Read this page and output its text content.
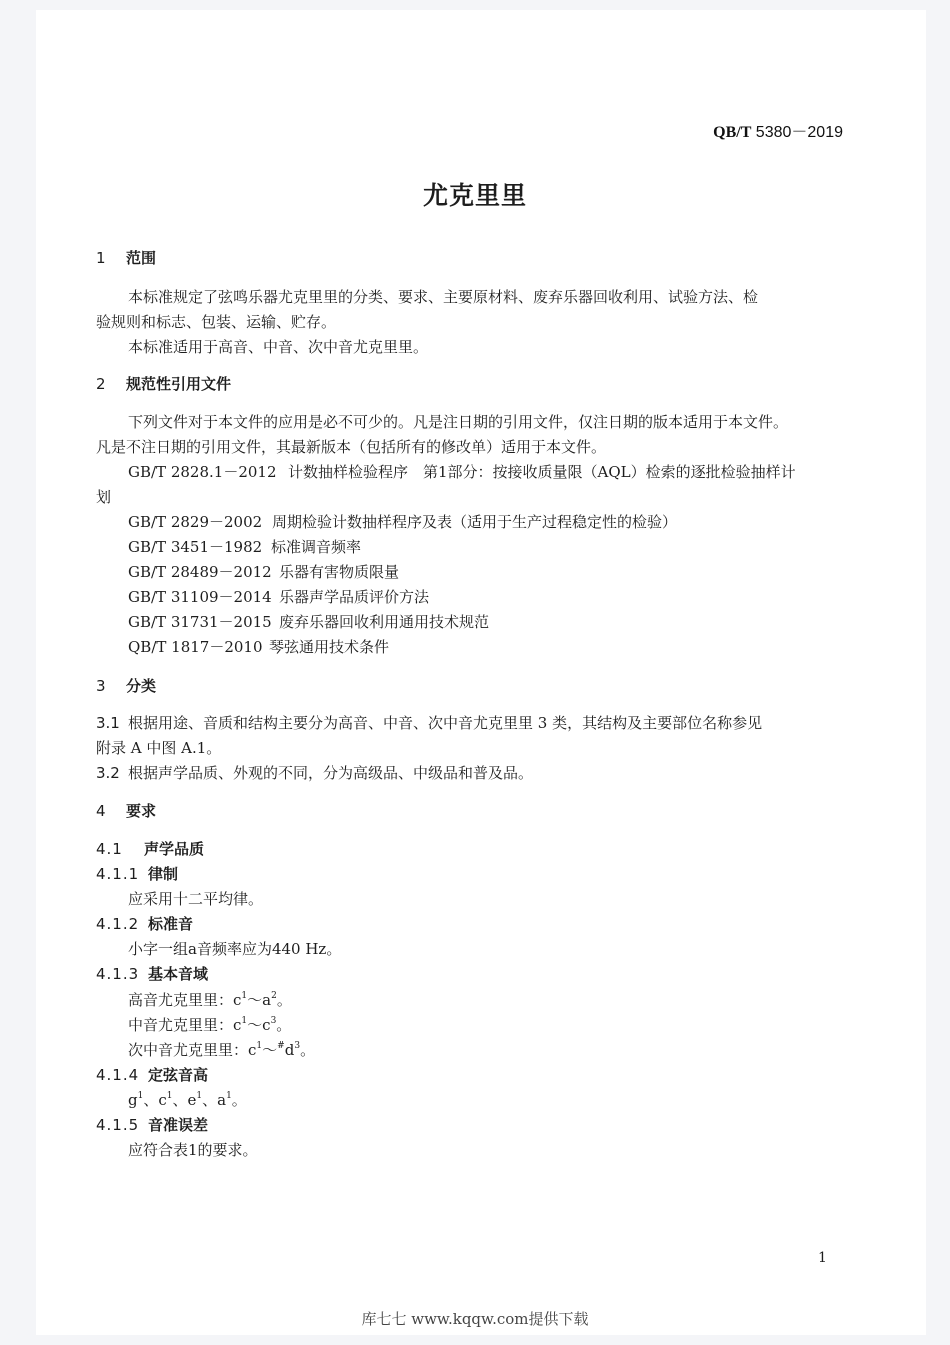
QB/T 5380－2019
尤克里里
1 范围
本标准规定了弦鸣乐器尤克里里的分类、要求、主要原材料、废弃乐器回收利用、试验方法、检
验规则和标志、包装、运输、贮存。
本标准适用于高音、中音、次中音尤克里里。
2 规范性引用文件
下列文件对于本文件的应用是必不可少的。凡是注日期的引用文件，仅注日期的版本适用于本文件。
凡是不注日期的引用文件，其最新版本（包括所有的修改单）适用于本文件。
GB/T 2828.1－2012 计数抽样检验程序　第1部分：按接收质量限（AQL）检索的逐批检验抽样计
划
GB/T 2829－2002 周期检验计数抽样程序及表（适用于生产过程稳定性的检验）
GB/T 3451－1982 标准调音频率
GB/T 28489－2012 乐器有害物质限量
GB/T 31109－2014 乐器声学品质评价方法
GB/T 31731－2015 废弃乐器回收利用通用技术规范
QB/T 1817－2010 琴弦通用技术条件
3 分类
3.1 根据用途、音质和结构主要分为高音、中音、次中音尤克里里 3 类，其结构及主要部位名称参见
附录 A 中图 A.1。
3.2 根据声学品质、外观的不同，分为高级品、中级品和普及品。
4 要求
4.1 声学品质
4.1.1 律制
应采用十二平均律。
4.1.2 标准音
小字一组a音频率应为440 Hz。
4.1.3 基本音域
高音尤克里里：$c^1\sim a^2$。
中音尤克里里：$c^1\sim c^3$。
次中音尤克里里：$c^1\sim^{\#}d^3$。
4.1.4 定弦音高
$g^1$、$c^1$、$e^1$、$a^1$。
4.1.5 音准误差
应符合表1的要求。
1
库七七 www.kqqw.com提供下载
